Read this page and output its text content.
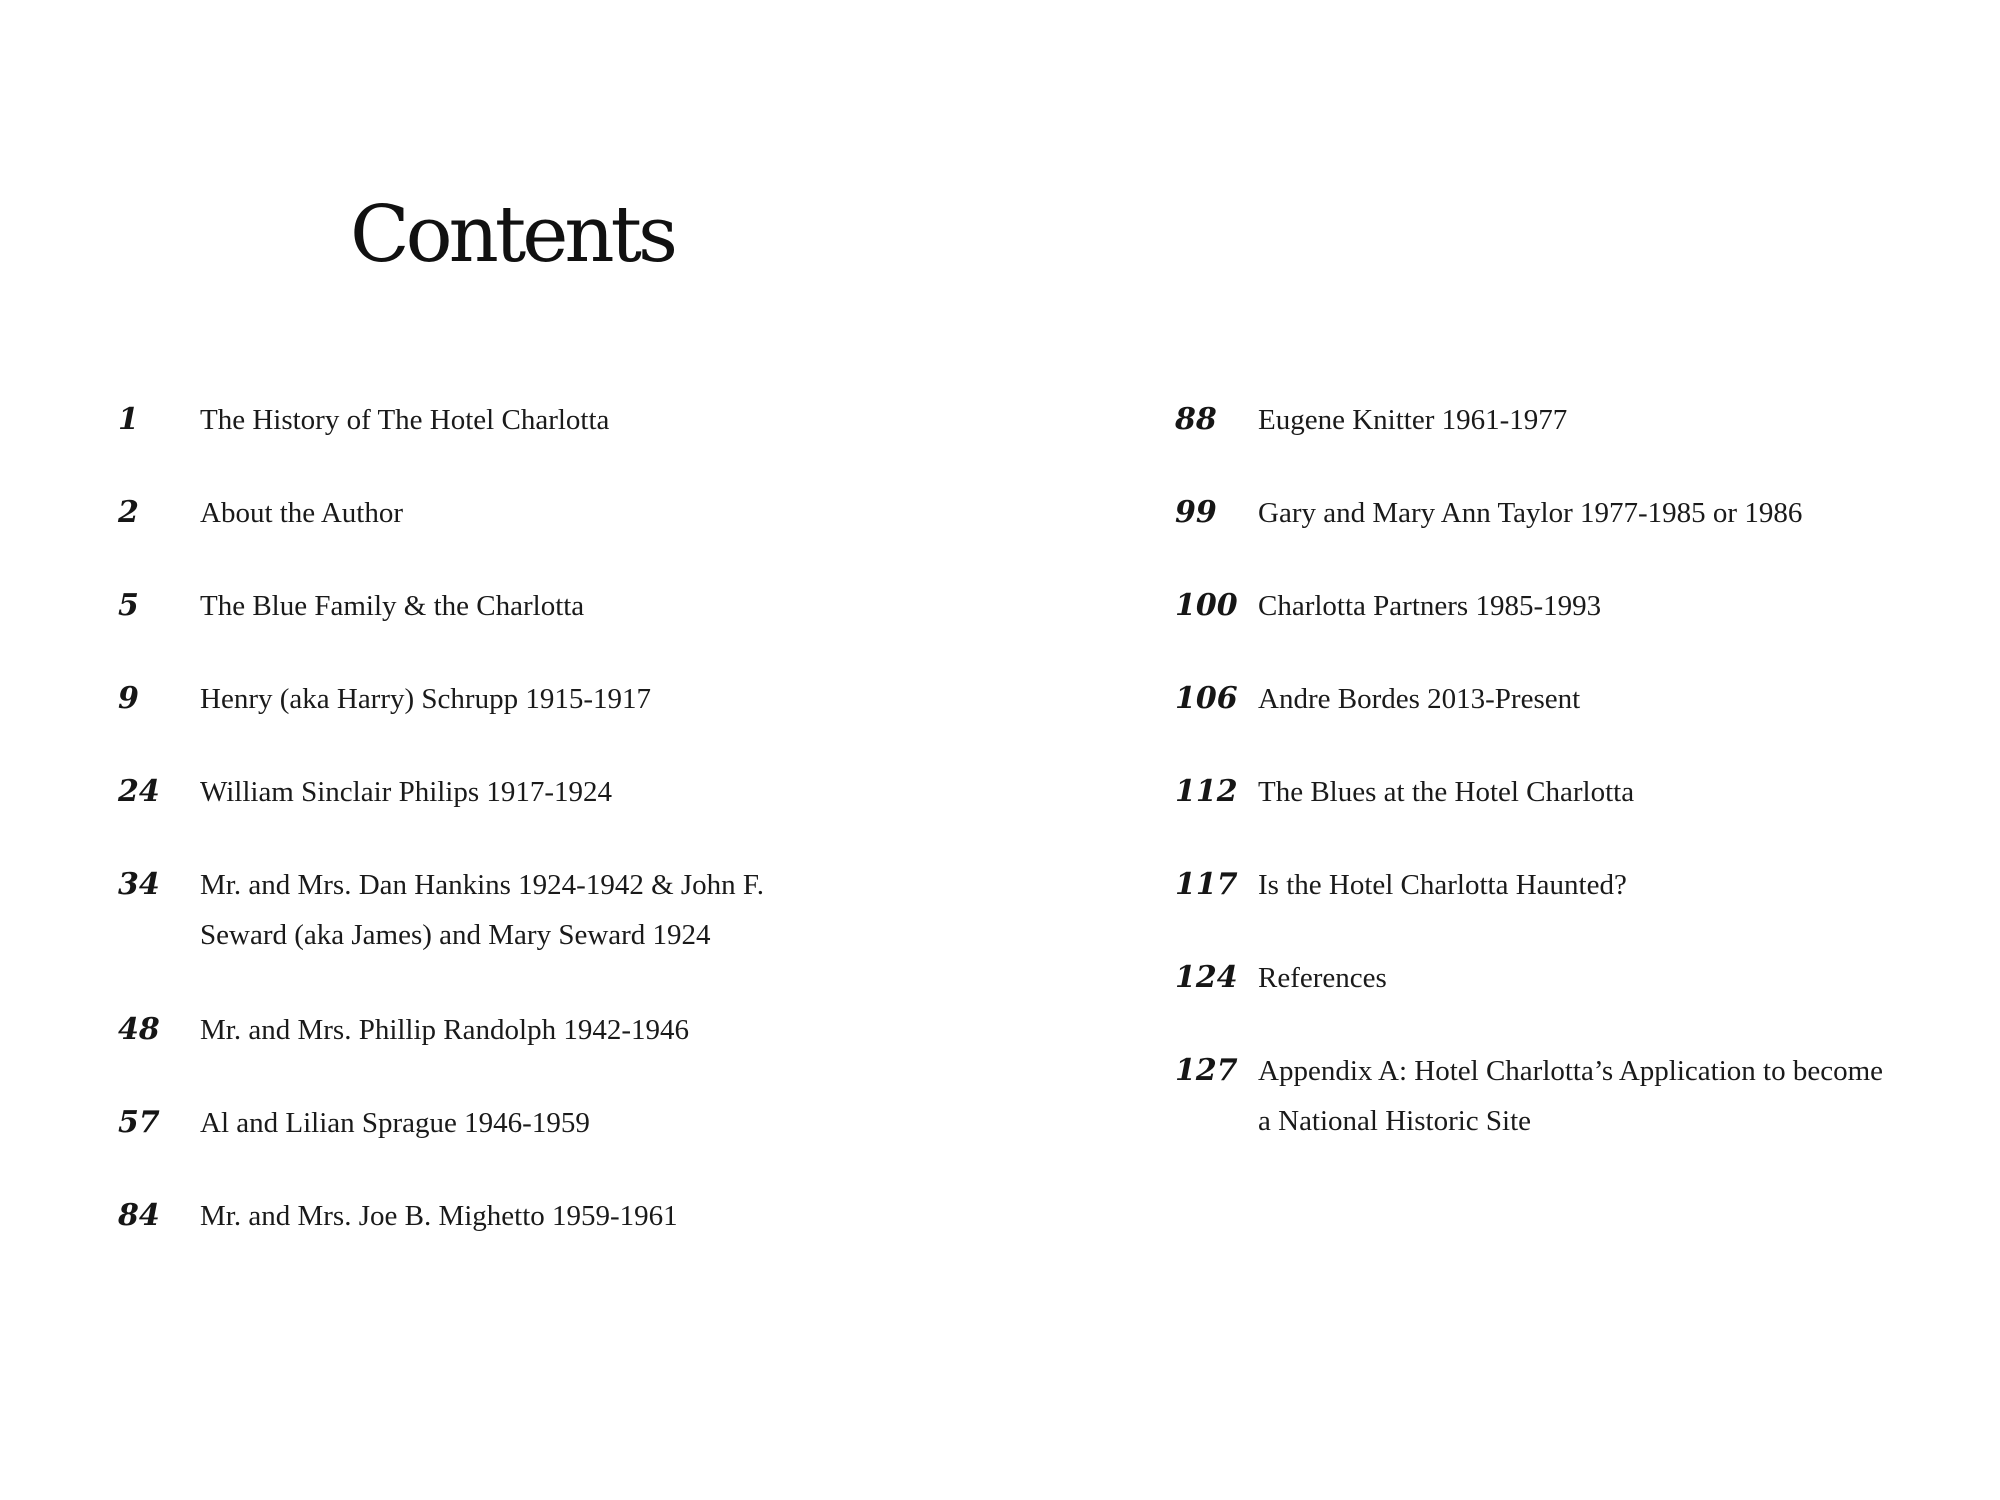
Contents
1	The History of The Hotel Charlotta
2	About the Author
5	The Blue Family & the Charlotta
9	Henry (aka Harry) Schrupp 1915-1917
24	William Sinclair Philips 1917-1924
34	Mr. and Mrs. Dan Hankins 1924-1942 & John F.
Seward (aka James) and Mary Seward 1924
48	Mr. and Mrs. Phillip Randolph 1942-1946
57	Al and Lilian Sprague 1946-1959
84	Mr. and Mrs. Joe B. Mighetto 1959-1961
88	Eugene Knitter 1961-1977
99	Gary and Mary Ann Taylor 1977-1985 or 1986
100 Charlotta Partners 1985-1993
106 Andre Bordes 2013-Present
112 The Blues at the Hotel Charlotta
117 Is the Hotel Charlotta Haunted?
124 References
127 Appendix A: Hotel Charlotta’s Application to become
a National Historic Site
